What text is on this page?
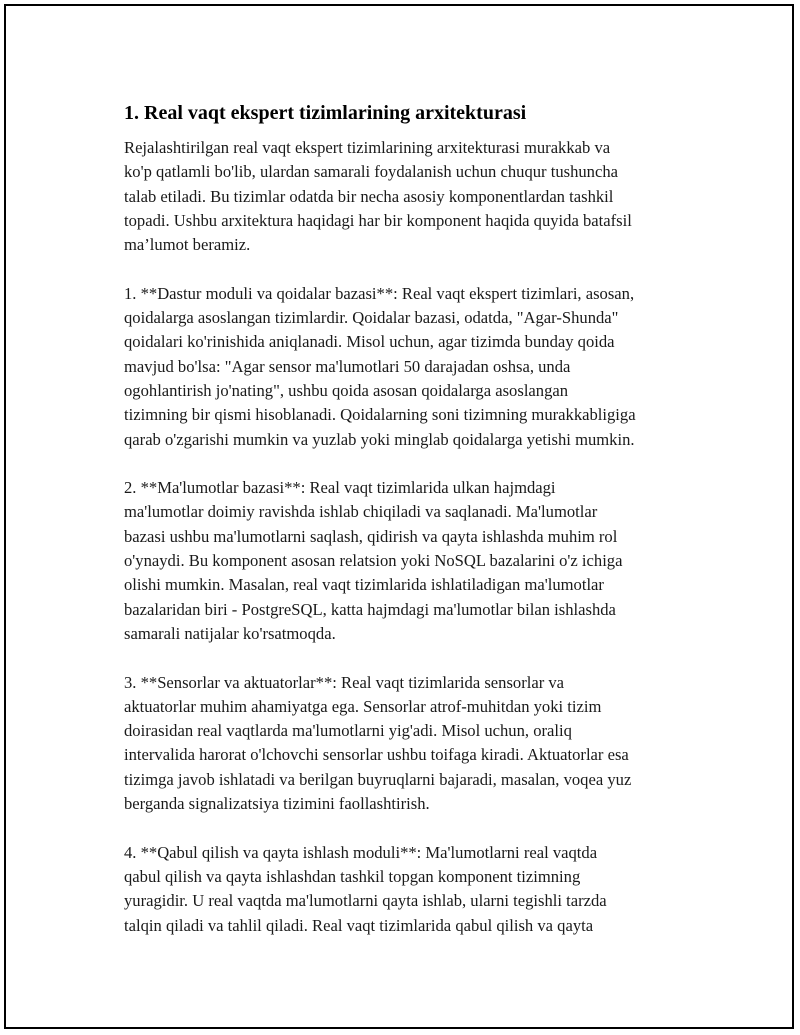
1. Real vaqt ekspert tizimlarining arxitekturasi

Rejalashtirilgan real vaqt ekspert tizimlarining arxitekturasi murakkab va
ko'p qatlamli bo'lib, ulardan samarali foydalanish uchun chuqur tushuncha
talab etiladi. Bu tizimlar odatda bir necha asosiy komponentlardan tashkil
topadi. Ushbu arxitektura haqidagi har bir komponent haqida quyida batafsil
ma’lumot beramiz.

1. **Dastur moduli va qoidalar bazasi**: Real vaqt ekspert tizimlari, asosan,
qoidalarga asoslangan tizimlardir. Qoidalar bazasi, odatda, "Agar-Shunda"
qoidalari ko'rinishida aniqlanadi. Misol uchun, agar tizimda bunday qoida
mavjud bo'lsa: "Agar sensor ma'lumotlari 50 darajadan oshsa, unda
ogohlantirish jo'nating", ushbu qoida asosan qoidalarga asoslangan
tizimning bir qismi hisoblanadi. Qoidalarning soni tizimning murakkabligiga
qarab o'zgarishi mumkin va yuzlab yoki minglab qoidalarga yetishi mumkin.

2. **Ma'lumotlar bazasi**: Real vaqt tizimlarida ulkan hajmdagi
ma'lumotlar doimiy ravishda ishlab chiqiladi va saqlanadi. Ma'lumotlar
bazasi ushbu ma'lumotlarni saqlash, qidirish va qayta ishlashda muhim rol
o'ynaydi. Bu komponent asosan relatsion yoki NoSQL bazalarini o'z ichiga
olishi mumkin. Masalan, real vaqt tizimlarida ishlatiladigan ma'lumotlar
bazalaridan biri - PostgreSQL, katta hajmdagi ma'lumotlar bilan ishlashda
samarali natijalar ko'rsatmoqda.

3. **Sensorlar va aktuatorlar**: Real vaqt tizimlarida sensorlar va
aktuatorlar muhim ahamiyatga ega. Sensorlar atrof-muhitdan yoki tizim
doirasidan real vaqtlarda ma'lumotlarni yig'adi. Misol uchun, oraliq
intervalida harorat o'lchovchi sensorlar ushbu toifaga kiradi. Aktuatorlar esa
tizimga javob ishlatadi va berilgan buyruqlarni bajaradi, masalan, voqea yuz
berganda signalizatsiya tizimini faollashtirish.

4. **Qabul qilish va qayta ishlash moduli**: Ma'lumotlarni real vaqtda
qabul qilish va qayta ishlashdan tashkil topgan komponent tizimning
yuragidir. U real vaqtda ma'lumotlarni qayta ishlab, ularni tegishli tarzda
talqin qiladi va tahlil qiladi. Real vaqt tizimlarida qabul qilish va qayta
